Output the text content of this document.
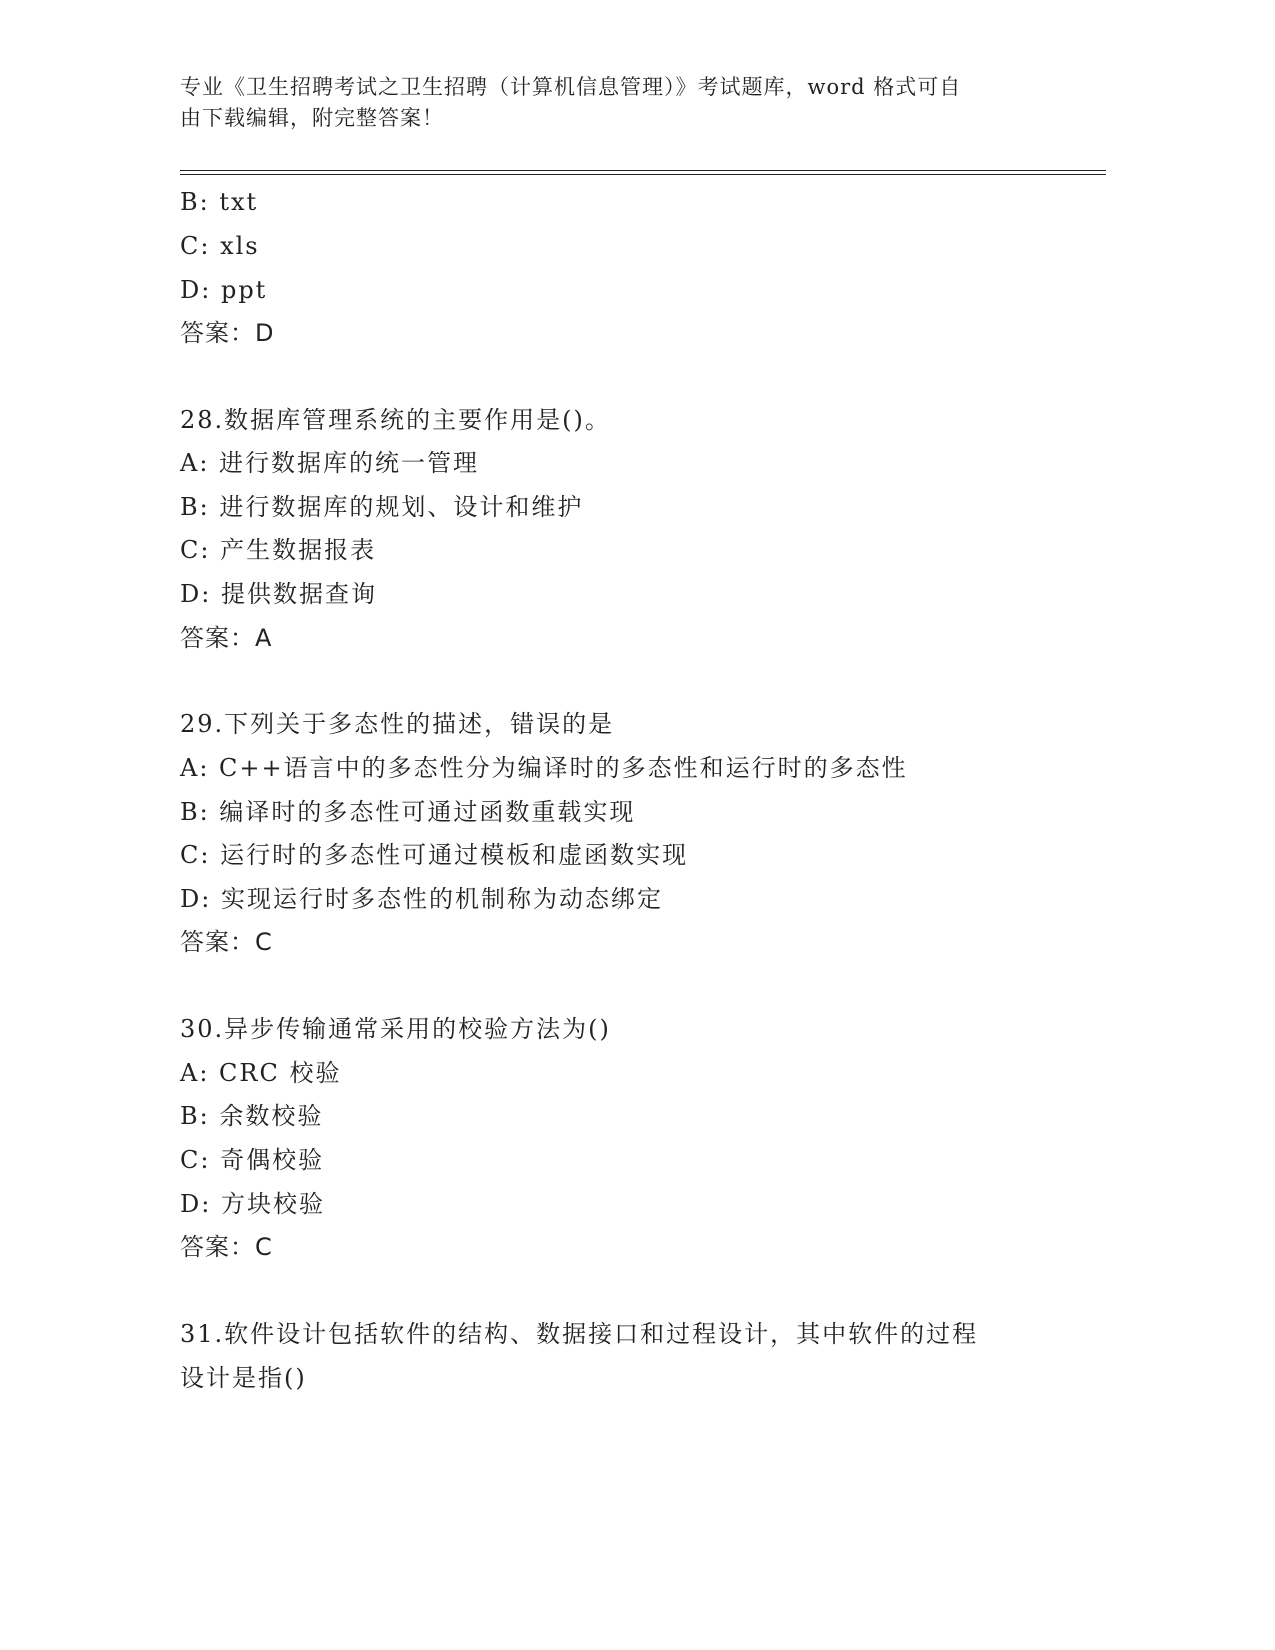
专业《卫生招聘考试之卫生招聘（计算机信息管理）》考试题库，word 格式可自
由下载编辑，附完整答案！
B: txt
C: xls
D: ppt
答案：D
28.数据库管理系统的主要作用是()。
A: 进行数据库的统一管理
B: 进行数据库的规划、设计和维护
C: 产生数据报表
D: 提供数据查询
答案：A
29.下列关于多态性的描述，错误的是
A: C++语言中的多态性分为编译时的多态性和运行时的多态性
B: 编译时的多态性可通过函数重载实现
C: 运行时的多态性可通过模板和虚函数实现
D: 实现运行时多态性的机制称为动态绑定
答案：C
30.异步传输通常采用的校验方法为()
A: CRC 校验
B: 余数校验
C: 奇偶校验
D: 方块校验
答案：C
31.软件设计包括软件的结构、数据接口和过程设计，其中软件的过程
设计是指()
